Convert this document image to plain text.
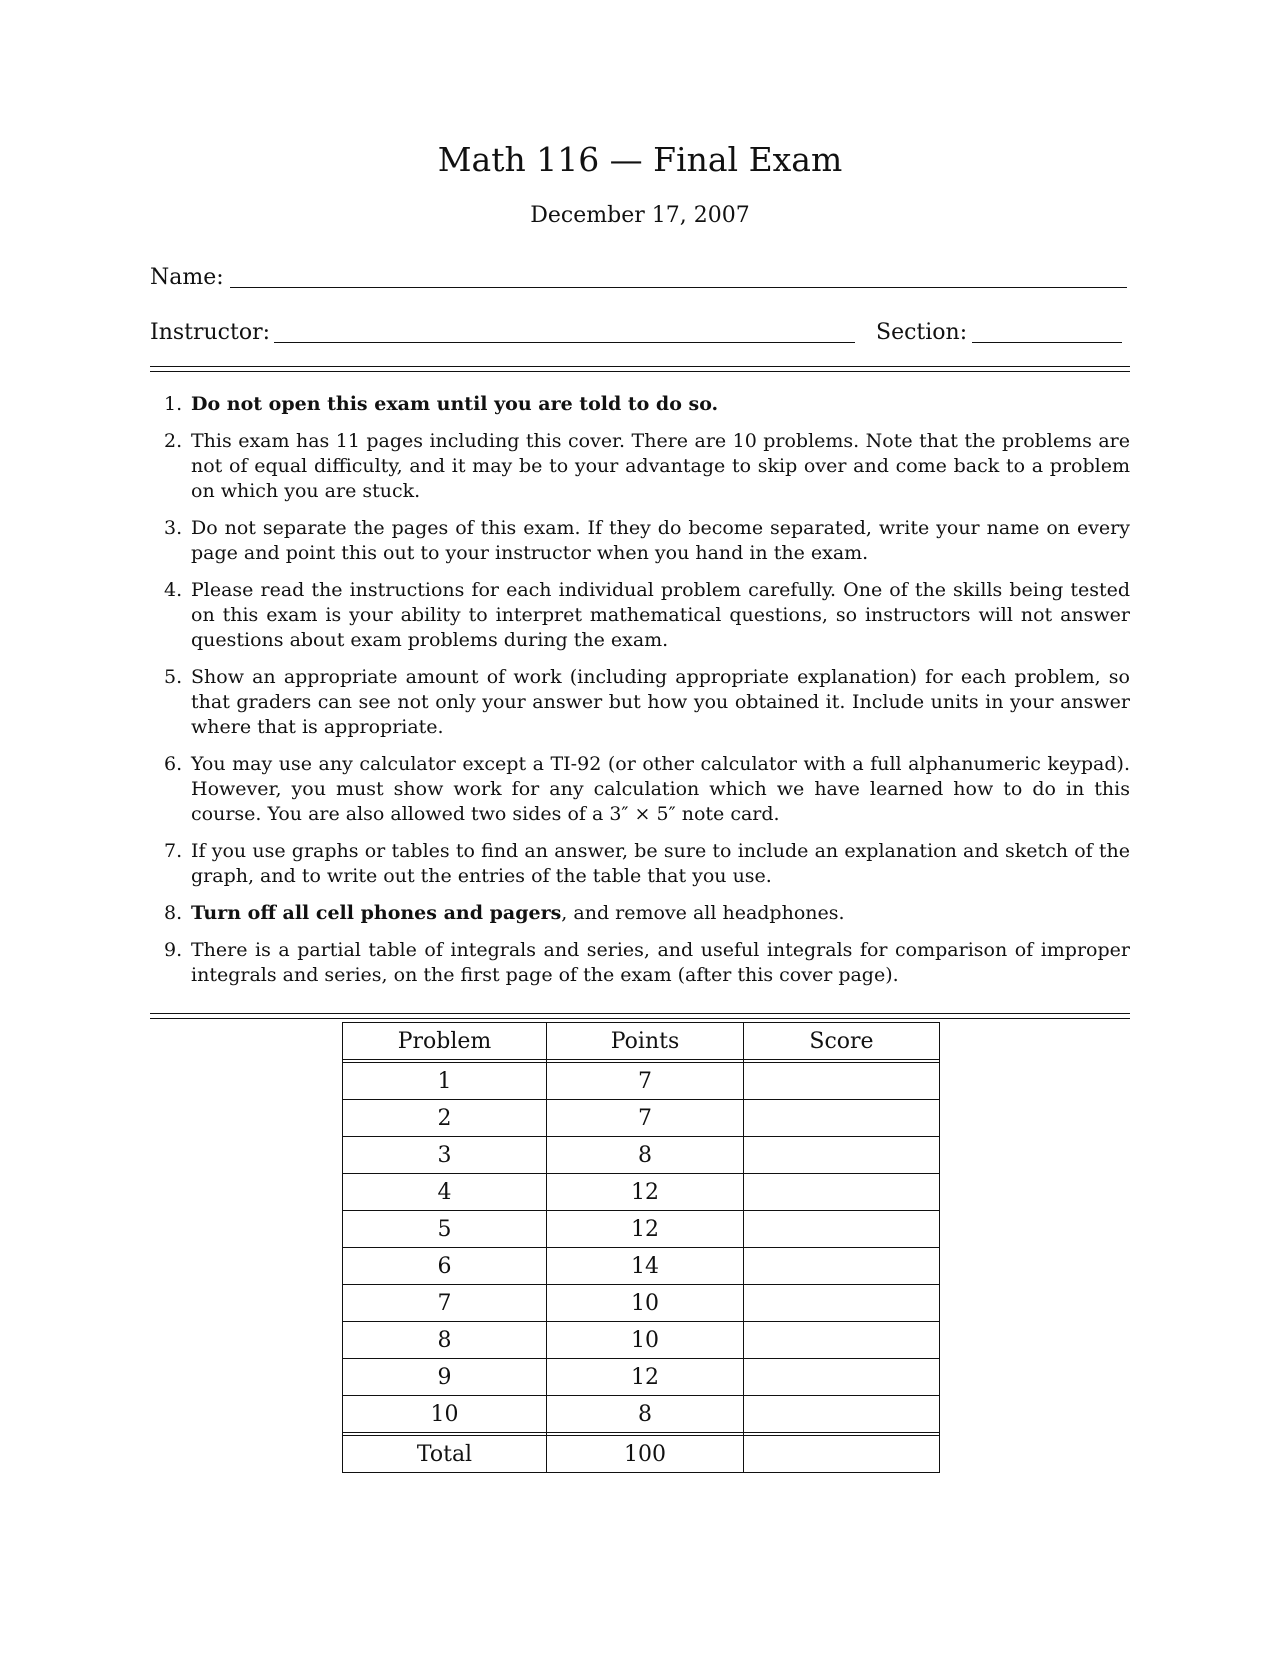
Math 116 — Final Exam
December 17, 2007
Name:
Instructor:	Section:
1. Do not open this exam until you are told to do so.
2. This exam has 11 pages including this cover. There are 10 problems. Note that the problems are not of equal difficulty, and it may be to your advantage to skip over and come back to a problem on which you are stuck.
3. Do not separate the pages of this exam. If they do become separated, write your name on every page and point this out to your instructor when you hand in the exam.
4. Please read the instructions for each individual problem carefully. One of the skills being tested on this exam is your ability to interpret mathematical questions, so instructors will not answer questions about exam problems during the exam.
5. Show an appropriate amount of work (including appropriate explanation) for each problem, so that graders can see not only your answer but how you obtained it. Include units in your answer where that is appropriate.
6. You may use any calculator except a TI-92 (or other calculator with a full alphanumeric keypad). However, you must show work for any calculation which we have learned how to do in this course. You are also allowed two sides of a 3″ × 5″ note card.
7. If you use graphs or tables to find an answer, be sure to include an explanation and sketch of the graph, and to write out the entries of the table that you use.
8. Turn off all cell phones and pagers, and remove all headphones.
9. There is a partial table of integrals and series, and useful integrals for comparison of improper integrals and series, on the first page of the exam (after this cover page).
Problem	Points	Score

1	7	
2	7	
3	8	
4	12	
5	12	
6	14	
7	10	
8	10	
9	12	
10	8	

Total	100	
